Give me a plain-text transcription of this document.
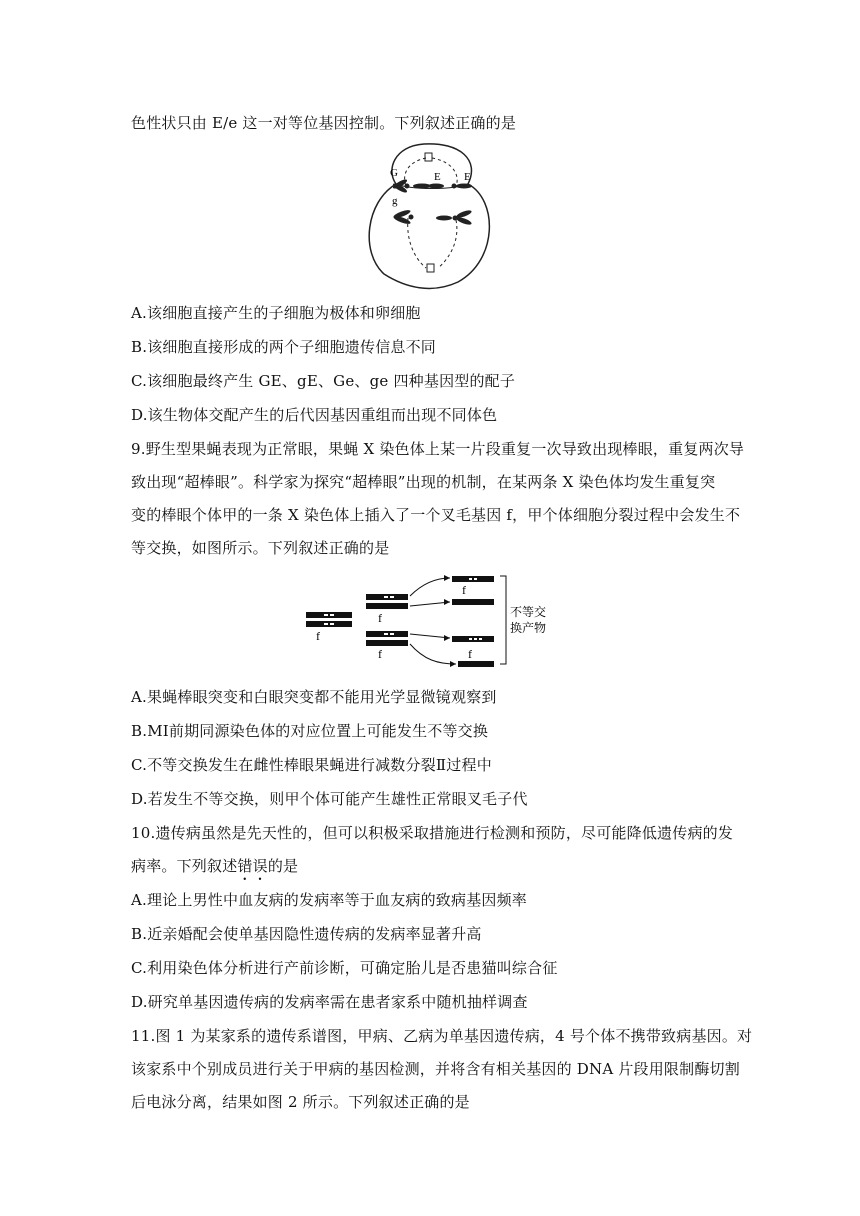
色性状只由 E/e 这一对等位基因控制。下列叙述正确的是
G
g
E E
A.该细胞直接产生的子细胞为极体和卵细胞
B.该细胞直接形成的两个子细胞遗传信息不同
C.该细胞最终产生 GE、gE、Ge、ge 四种基因型的配子
D.该生物体交配产生的后代因基因重组而出现不同体色
9.野生型果蝇表现为正常眼，果蝇 X 染色体上某一片段重复一次导致出现棒眼，重复两次导
致出现“超棒眼”。科学家为探究“超棒眼”出现的机制，在某两条 X 染色体均发生重复突
变的棒眼个体甲的一条 X 染色体上插入了一个叉毛基因 f，甲个体细胞分裂过程中会发生不
等交换，如图所示。下列叙述正确的是
f
f
f
f
f
不等交
换产物
A.果蝇棒眼突变和白眼突变都不能用光学显微镜观察到
B.MⅠ前期同源染色体的对应位置上可能发生不等交换
C.不等交换发生在雌性棒眼果蝇进行减数分裂Ⅱ过程中
D.若发生不等交换，则甲个体可能产生雄性正常眼叉毛子代
10.遗传病虽然是先天性的，但可以积极采取措施进行检测和预防，尽可能降低遗传病的发
病率。下列叙述错误的是
A.理论上男性中血友病的发病率等于血友病的致病基因频率
B.近亲婚配会使单基因隐性遗传病的发病率显著升高
C.利用染色体分析进行产前诊断，可确定胎儿是否患猫叫综合征
D.研究单基因遗传病的发病率需在患者家系中随机抽样调查
11.图 1 为某家系的遗传系谱图，甲病、乙病为单基因遗传病，4 号个体不携带致病基因。对
该家系中个别成员进行关于甲病的基因检测，并将含有相关基因的 DNA 片段用限制酶切割
后电泳分离，结果如图 2 所示。下列叙述正确的是
